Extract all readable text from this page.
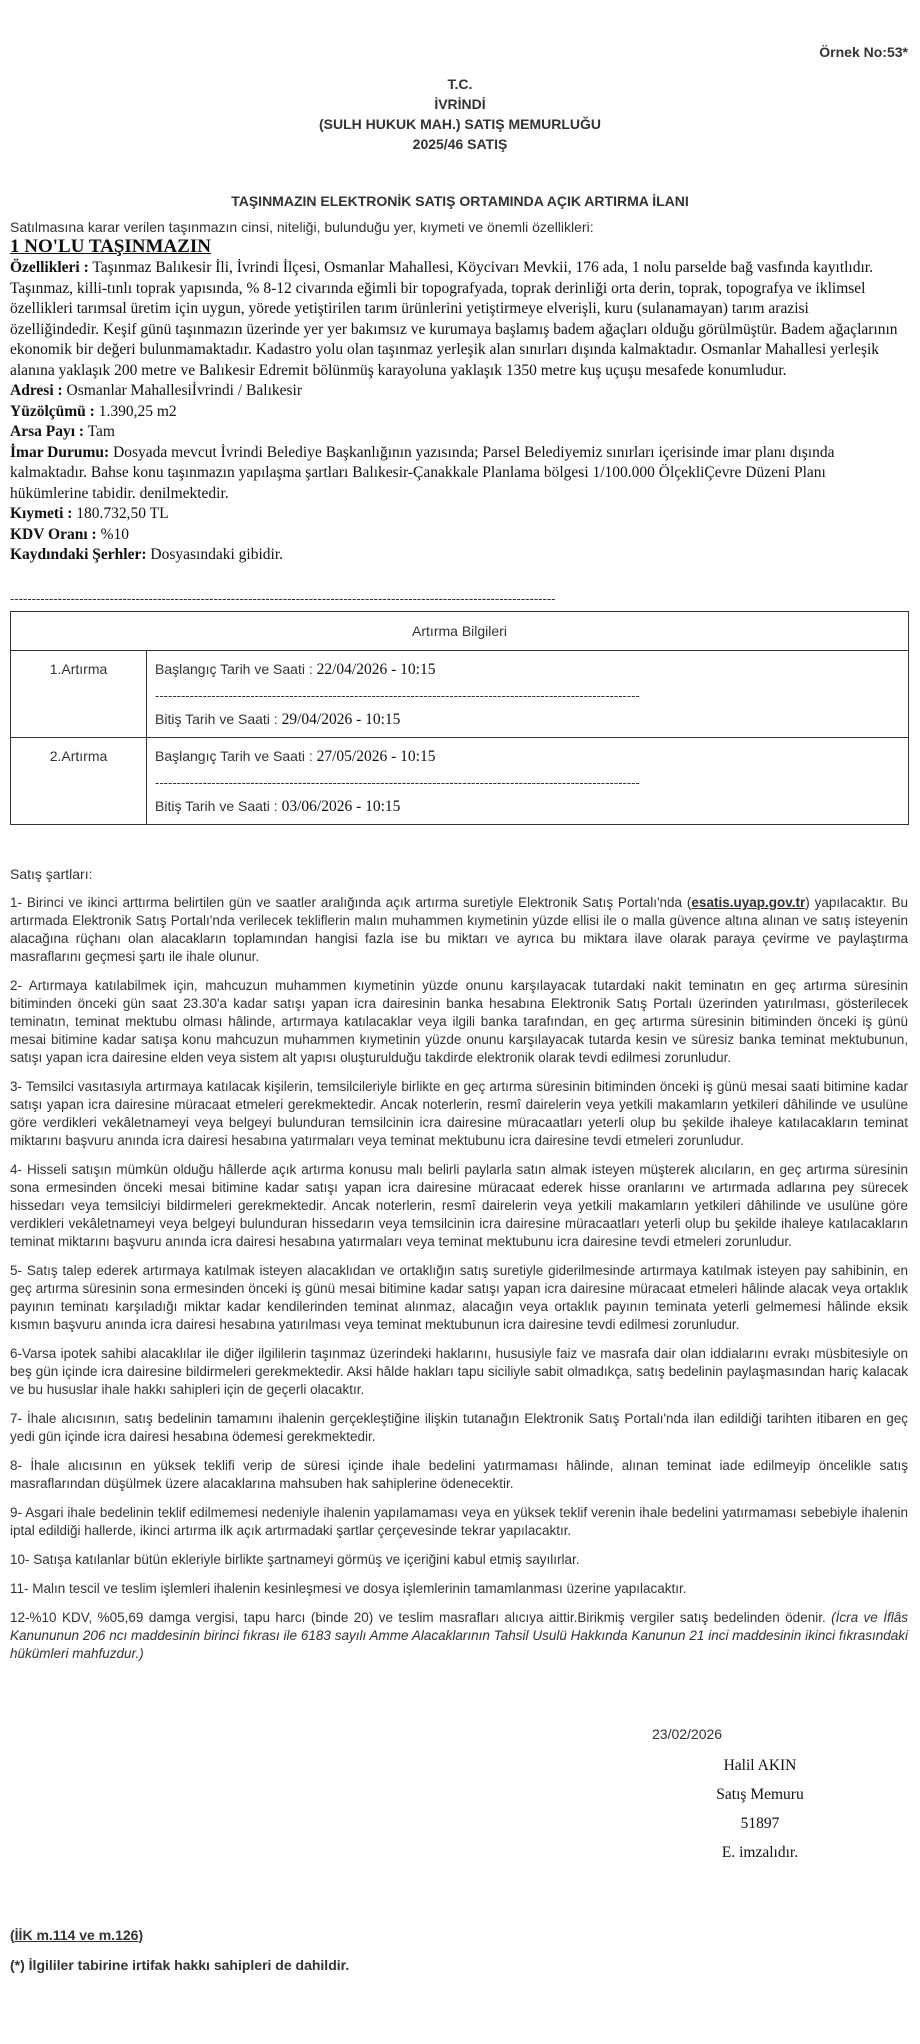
Örnek No:53*
T.C.
İVRİNDİ
(SULH HUKUK MAH.) SATIŞ MEMURLUĞU
2025/46 SATIŞ
TAŞINMAZIN ELEKTRONİK SATIŞ ORTAMINDA AÇIK ARTIRMA İLANI
Satılmasına karar verilen taşınmazın cinsi, niteliği, bulunduğu yer, kıymeti ve önemli özellikleri:
1 NO'LU TAŞINMAZIN
Özellikleri : Taşınmaz Balıkesir İli, İvrindi İlçesi, Osmanlar Mahallesi, Köycivarı Mevkii, 176 ada, 1 nolu parselde bağ vasfında kayıtlıdır. Taşınmaz, killi-tınlı toprak yapısında, % 8-12 civarında eğimli bir topografyada, toprak derinliği orta derin, toprak, topografya ve iklimsel özellikleri tarımsal üretim için uygun, yörede yetiştirilen tarım ürünlerini yetiştirmeye elverişli, kuru (sulanamayan) tarım arazisi özelliğindedir. Keşif günü taşınmazın üzerinde yer yer bakımsız ve kurumaya başlamış badem ağaçları olduğu görülmüştür. Badem ağaçlarının ekonomik bir değeri bulunmamaktadır. Kadastro yolu olan taşınmaz yerleşik alan sınırları dışında kalmaktadır. Osmanlar Mahallesi yerleşik alanına yaklaşık 200 metre ve Balıkesir Edremit bölünmüş karayoluna yaklaşık 1350 metre kuş uçuşu mesafede konumludur.
Adresi : Osmanlar Mahallesiİvrindi / Balıkesir
Yüzölçümü : 1.390,25 m2
Arsa Payı : Tam
İmar Durumu: Dosyada mevcut İvrindi Belediye Başkanlığının yazısında; Parsel Belediyemiz sınırları içerisinde imar planı dışında kalmaktadır. Bahse konu taşınmazın yapılaşma şartları Balıkesir-Çanakkale Planlama bölgesi 1/100.000 ÖlçekliÇevre Düzeni Planı hükümlerine tabidir. denilmektedir.
Kıymeti : 180.732,50 TL
KDV Oranı : %10
Kaydındaki Şerhler: Dosyasındaki gibidir.
------------------------------------------------------------------------------------------------------------------------------
Artırma Bilgileri	
1.Artırma	Başlangıç Tarih ve Saati : 22/04/2026 - 10:15
----------------------------------------------------------------------------------------------------------------
Bitiş Tarih ve Saati : 29/04/2026 - 10:15

2.Artırma	Başlangıç Tarih ve Saati : 27/05/2026 - 10:15
----------------------------------------------------------------------------------------------------------------
Bitiş Tarih ve Saati : 03/06/2026 - 10:15
Satış şartları:

1- Birinci ve ikinci arttırma belirtilen gün ve saatler aralığında açık artırma suretiyle Elektronik Satış Portalı'nda (esatis.uyap.gov.tr) yapılacaktır. Bu artırmada Elektronik Satış Portalı'nda verilecek tekliflerin malın muhammen kıymetinin yüzde ellisi ile o malla güvence altına alınan ve satış isteyenin alacağına rüçhanı olan alacakların toplamından hangisi fazla ise bu miktarı ve ayrıca bu miktara ilave olarak paraya çevirme ve paylaştırma masraflarını geçmesi şartı ile ihale olunur.

2- Artırmaya katılabilmek için, mahcuzun muhammen kıymetinin yüzde onunu karşılayacak tutardaki nakit teminatın en geç artırma süresinin bitiminden önceki gün saat 23.30'a kadar satışı yapan icra dairesinin banka hesabına Elektronik Satış Portalı üzerinden yatırılması, gösterilecek teminatın, teminat mektubu olması hâlinde, artırmaya katılacaklar veya ilgili banka tarafından, en geç artırma süresinin bitiminden önceki iş günü mesai bitimine kadar satışa konu mahcuzun muhammen kıymetinin yüzde onunu karşılayacak tutarda kesin ve süresiz banka teminat mektubunun, satışı yapan icra dairesine elden veya sistem alt yapısı oluşturulduğu takdirde elektronik olarak tevdi edilmesi zorunludur.

3- Temsilci vasıtasıyla artırmaya katılacak kişilerin, temsilcileriyle birlikte en geç artırma süresinin bitiminden önceki iş günü mesai saati bitimine kadar satışı yapan icra dairesine müracaat etmeleri gerekmektedir. Ancak noterlerin, resmî dairelerin veya yetkili makamların yetkileri dâhilinde ve usulüne göre verdikleri vekâletnameyi veya belgeyi bulunduran temsilcinin icra dairesine müracaatları yeterli olup bu şekilde ihaleye katılacakların teminat miktarını başvuru anında icra dairesi hesabına yatırmaları veya teminat mektubunu icra dairesine tevdi etmeleri zorunludur.

4- Hisseli satışın mümkün olduğu hâllerde açık artırma konusu malı belirli paylarla satın almak isteyen müşterek alıcıların, en geç artırma süresinin sona ermesinden önceki mesai bitimine kadar satışı yapan icra dairesine müracaat ederek hisse oranlarını ve artırmada adlarına pey sürecek hissedarı veya temsilciyi bildirmeleri gerekmektedir. Ancak noterlerin, resmî dairelerin veya yetkili makamların yetkileri dâhilinde ve usulüne göre verdikleri vekâletnameyi veya belgeyi bulunduran hissedarın veya temsilcinin icra dairesine müracaatları yeterli olup bu şekilde ihaleye katılacakların teminat miktarını başvuru anında icra dairesi hesabına yatırmaları veya teminat mektubunu icra dairesine tevdi etmeleri zorunludur.

5- Satış talep ederek artırmaya katılmak isteyen alacaklıdan ve ortaklığın satış suretiyle giderilmesinde artırmaya katılmak isteyen pay sahibinin, en geç artırma süresinin sona ermesinden önceki iş günü mesai bitimine kadar satışı yapan icra dairesine müracaat etmeleri hâlinde alacak veya ortaklık payının teminatı karşıladığı miktar kadar kendilerinden teminat alınmaz, alacağın veya ortaklık payının teminata yeterli gelmemesi hâlinde eksik kısmın başvuru anında icra dairesi hesabına yatırılması veya teminat mektubunun icra dairesine tevdi edilmesi zorunludur.

6-Varsa ipotek sahibi alacaklılar ile diğer ilgililerin taşınmaz üzerindeki haklarını, hususiyle faiz ve masrafa dair olan iddialarını evrakı müsbitesiyle on beş gün içinde icra dairesine bildirmeleri gerekmektedir. Aksi hâlde hakları tapu siciliyle sabit olmadıkça, satış bedelinin paylaşmasından hariç kalacak ve bu hususlar ihale hakkı sahipleri için de geçerli olacaktır.

7- İhale alıcısının, satış bedelinin tamamını ihalenin gerçekleştiğine ilişkin tutanağın Elektronik Satış Portalı'nda ilan edildiği tarihten itibaren en geç yedi gün içinde icra dairesi hesabına ödemesi gerekmektedir.

8- İhale alıcısının en yüksek teklifi verip de süresi içinde ihale bedelini yatırmaması hâlinde, alınan teminat iade edilmeyip öncelikle satış masraflarından düşülmek üzere alacaklarına mahsuben hak sahiplerine ödenecektir.

9- Asgari ihale bedelinin teklif edilmemesi nedeniyle ihalenin yapılamaması veya en yüksek teklif verenin ihale bedelini yatırmaması sebebiyle ihalenin iptal edildiği hallerde, ikinci artırma ilk açık artırmadaki şartlar çerçevesinde tekrar yapılacaktır.

10- Satışa katılanlar bütün ekleriyle birlikte şartnameyi görmüş ve içeriğini kabul etmiş sayılırlar.

11- Malın tescil ve teslim işlemleri ihalenin kesinleşmesi ve dosya işlemlerinin tamamlanması üzerine yapılacaktır.

12-%10 KDV, %05,69 damga vergisi, tapu harcı (binde 20) ve teslim masrafları alıcıya aittir.Birikmiş vergiler satış bedelinden ödenir. (İcra ve İflâs Kanununun 206 ncı maddesinin birinci fıkrası ile 6183 sayılı Amme Alacaklarının Tahsil Usulü Hakkında Kanunun 21 inci maddesinin ikinci fıkrasındaki hükümleri mahfuzdur.)

23/02/2026
Halil AKIN
Satış Memuru
51897
E. imzalıdır.
(İİK m.114 ve m.126)
(*) İlgililer tabirine irtifak hakkı sahipleri de dahildir.
